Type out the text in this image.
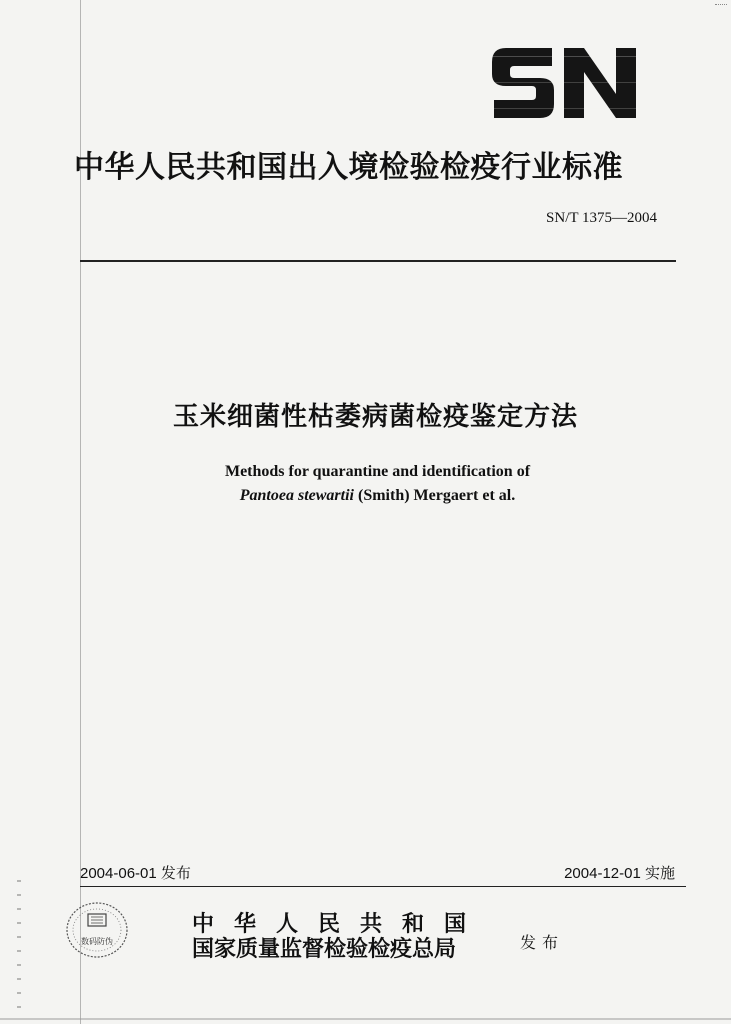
中华人民共和国出入境检验检疫行业标准
SN/T 1375—2004
玉米细菌性枯萎病菌检疫鉴定方法
Methods for quarantine and identification of
Pantoea stewartii (Smith) Mergaert et al.
2004-06-01 发布	2004-12-01 实施
数码防伪
中华人民共和国
国家质量监督检验检疫总局	发布
